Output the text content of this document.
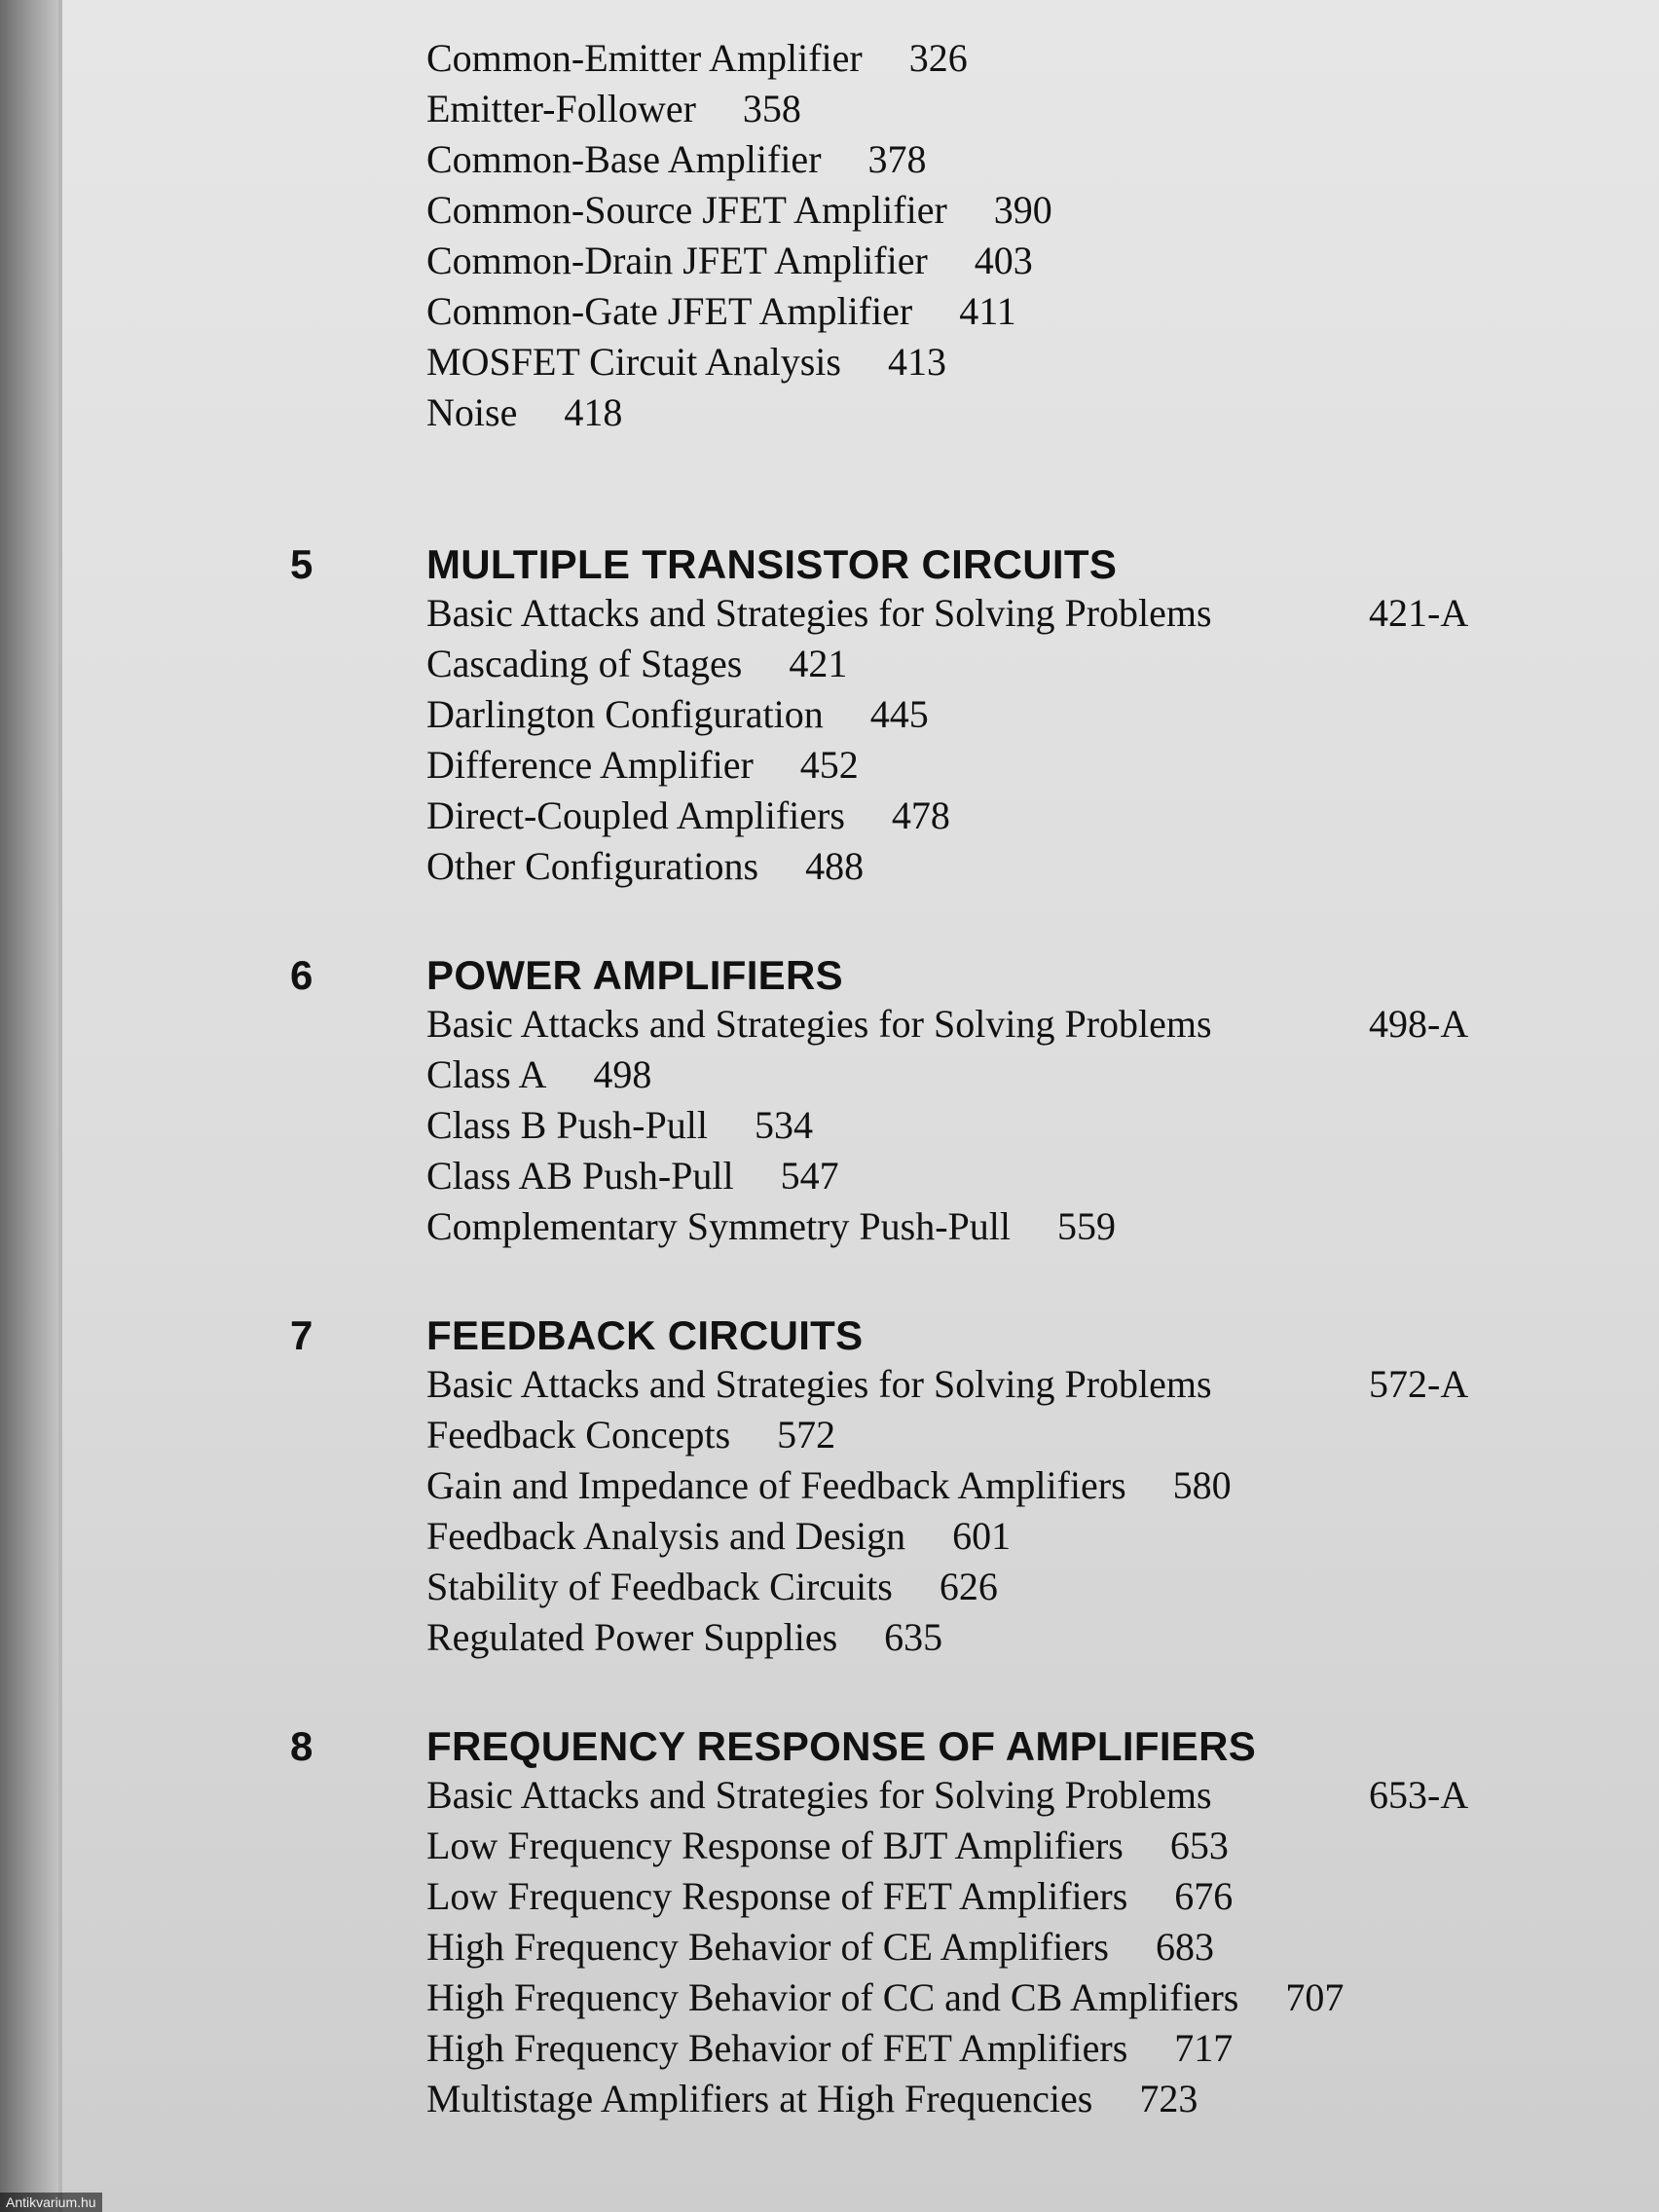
Common-Emitter Amplifier 326
Emitter-Follower 358
Common-Base Amplifier 378
Common-Source JFET Amplifier 390
Common-Drain JFET Amplifier 403
Common-Gate JFET Amplifier 411
MOSFET Circuit Analysis 413
Noise 418
5	MULTIPLE TRANSISTOR CIRCUITS
Basic Attacks and Strategies for Solving Problems	421-A
Cascading of Stages 421
Darlington Configuration 445
Difference Amplifier 452
Direct-Coupled Amplifiers 478
Other Configurations 488
6	POWER AMPLIFIERS
Basic Attacks and Strategies for Solving Problems	498-A
Class A 498
Class B Push-Pull 534
Class AB Push-Pull 547
Complementary Symmetry Push-Pull 559
7	FEEDBACK CIRCUITS
Basic Attacks and Strategies for Solving Problems	572-A
Feedback Concepts 572
Gain and Impedance of Feedback Amplifiers 580
Feedback Analysis and Design 601
Stability of Feedback Circuits 626
Regulated Power Supplies 635
8	FREQUENCY RESPONSE OF AMPLIFIERS
Basic Attacks and Strategies for Solving Problems	653-A
Low Frequency Response of BJT Amplifiers 653
Low Frequency Response of FET Amplifiers 676
High Frequency Behavior of CE Amplifiers 683
High Frequency Behavior of CC and CB Amplifiers 707
High Frequency Behavior of FET Amplifiers 717
Multistage Amplifiers at High Frequencies 723
Antikvarium.hu
